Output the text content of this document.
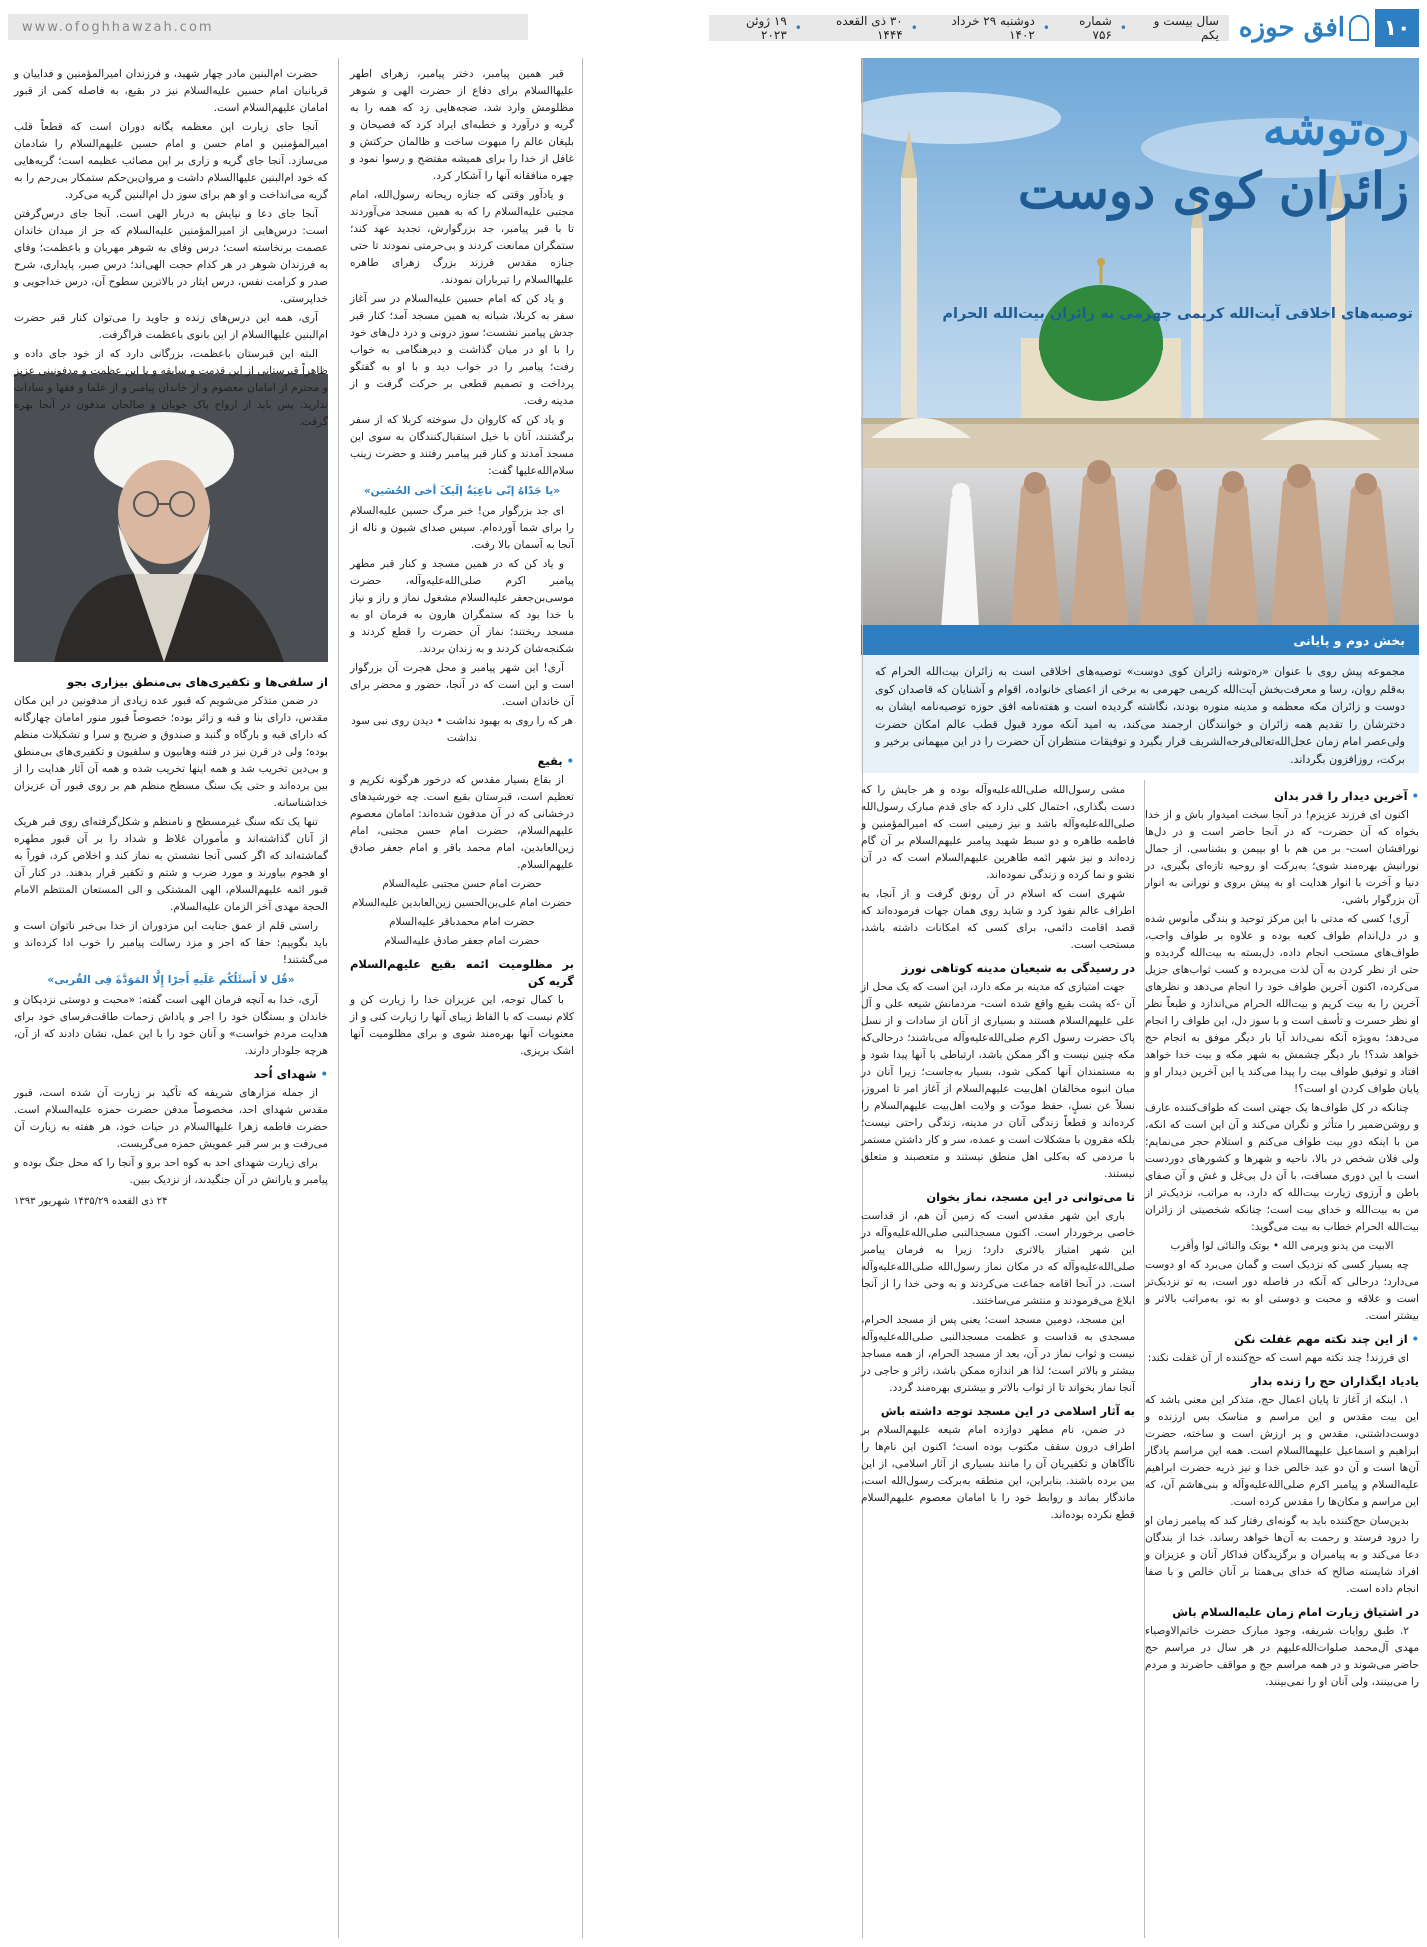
۱۰
افق حوزه
سال بیست و یکم
•
شماره ۷۵۶
•
دوشنبه ۲۹ خرداد ۱۴۰۲
•
۳۰ ذی القعده ۱۴۴۴
•
۱۹ ژوئن ۲۰۲۳
www.ofoghhawzah.com
ره‌توشه
زائران کوی دوست
توصیه‌های اخلاقی آیت‌الله کریمی جهرمی به زائران بیت‌الله الحرام
بخش دوم و پایانی
مجموعه پیش روی با عنوان «ره‌توشه زائران کوی دوست» توصیه‌های اخلاقی است به زائران بیت‌الله الحرام که به‌قلم روان، رسا و معرفت‌بخش آیت‌الله کریمی جهرمی به برخی از اعضای خانواده، اقوام و آشنایان که قاصدان کوی دوست و زائران مکه معظمه و مدینه منوره بودند، نگاشته گردیده است و هفته‌نامه افق حوزه توصیه‌نامه ایشان به دخترشان را تقدیم همه زائران و خوانندگان ارجمند می‌کند، به امید آنکه مورد قبول قطب عالم امکان حضرت ولی‌عصر امام زمان عجل‌الله‌تعالی‌فرجه‌الشریف قرار بگیرد و توفیقات منتظران آن حضرت را در این میهمانی برخیر و برکت، روزافزون بگرداند.
• آخرین دیدار را قدر بدان

اکنون ای فرزند عزیزم! در آنجا سخت امیدوار باش و از خدا بخواه که آن حضرت- که در آنجا حاضر است و در دل‌ها نورافشان است- بر من هم با او بپیمن و بشناسی. از جمال نورانیش بهره‌مند شوی؛ به‌برکت او روحیه تازه‌ای بگیری، در دنیا و آخرت با انوار هدایت او به پیش بروی و نورانی به انوار آن بزرگوار باشی.

آری! کسی که مدتی با این مرکز توحید و بندگی مأنوس شده و در دل‌اندام طواف کعبه بوده و علاوه بر طواف واجب، طواف‌های مستحب انجام داده، دل‌بسته به بیت‌الله گردیده و حتی از نظر کردن به آن لذت می‌برده و کسب ثواب‌های جزیل می‌کرده، اکنون آخرین طواف خود را انجام می‌دهد و نظرهای آخرین را به بیت کریم و بیت‌الله الحرام می‌اندازد و طبعاً نظر او نظر حسرت و تأسف است و با سوز دل، این طواف را انجام می‌دهد؛ به‌ویژه آنکه نمی‌داند آیا بار دیگر موفق به انجام حج خواهد شد؟! بار دیگر چشمش به شهر مکه و بیت خدا خواهد افتاد و توفیق طواف بیت را پیدا می‌کند یا این آخرین دیدار او و پایان طواف کردن او است؟!

چنانکه در کل طواف‌ها یک جهتی است که طواف‌کننده عارف و روشن‌ضمیر را متأثر و نگران می‌کند و آن این است که انکه، من با اینکه دورِ بیت طواف می‌کنم و استلام حجر می‌نمایم؛ ولی فلان شخص در بالا، ناحیه و شهرها و کشورهای دوردست است با این دوری مسافت، با آن دل بی‌غل و غش و آن صفای باطن و آرزوی زیارت بیت‌الله که دارد، به مراتب، نزدیک‌تر از من به بیت‌الله و خدای بیت است؛ چنانکه شخصیتی از زائران بیت‌الله الحرام خطاب به بیت می‌گوید:

الابیت من یدنو ویرمی الله • بوتک والنائی لوا وأقرب

چه بسیار کسی که نزدیک است و گمان می‌برد که او دوست می‌دارد؛ درحالی که آنکه در فاصله دور است، به تو نزدیک‌تر است و علاقه و محبت و دوستی او به تو، به‌مراتب بالاتر و بیشتر است.

• از این چند نکته مهم غفلت نکن

ای فرزند! چند نکته مهم است که حج‌کننده از آن غفلت نکند:

یادیاد ایگذاران حج را زنده بدار

۱. اینکه از آغاز تا پایان اعمال حج، متذکر این معنی باشد که این بیت مقدس و این مراسم و مناسک بس ارزنده و دوست‌داشتنی، مقدس و پر ارزش است و ساخته، حضرت ابراهیم و اسماعیل علیهماالسلام است. همه این مراسم یادگار آن‌ها است و آن دو عبد خالص خدا و نیز ذریه حضرت ابراهیم علیه‌السلام و پیامبر اکرم صلی‌الله‌علیه‌وآله و بنی‌هاشم آن، که این مراسم و مکان‌ها را مقدس کرده است.

بدین‌سان حج‌کننده باید به گونه‌ای رفتار کند که پیامبر زمان او را درود فرستد و رحمت به آن‌ها خواهد رساند. خدا از بندگان دعا می‌کند و به پیامبران و برگزیدگان فداکار آنان و عزیزان و افراد شایسته صالح که خدای بی‌همتا بر آنان خالص و با صفا انجام داده است.

در اشتیاق زیارت امام زمان علیه‌السلام باش

۲. طبق روایات شریفه، وجود مبارک حضرت خاتم‌الاوصیاء مهدی آل‌محمد صلوات‌الله‌علیهم در هر سال در مراسم حج حاضر می‌شوند و در همه مراسم حج و مواقف حاضرند و مردم را می‌بینند، ولی آنان او را نمی‌بینند.

مشی رسول‌الله صلی‌الله‌علیه‌وآله بوده و هر جایش را که دست بگذاری، احتمال کلی دارد که جای قدم مبارک رسول‌الله صلی‌الله‌علیه‌وآله باشد و نیز زمینی است که امیرالمؤمنین و فاطمه طاهره و دو سبط شهید پیامبر علیهم‌السلام بر آن گام زده‌اند و نیز شهر ائمه طاهرین علیهم‌السلام است که در آن نشو و نما کرده و زندگی نموده‌اند.

شهری است که اسلام در آن رونق گرفت و از آنجا، به اطراف عالم نفوذ کرد و شاید روی همان جهات فرموده‌اند که قصد اقامت دائمی، برای کسی که امکانات داشته باشد، مستحب است.

در رسیدگی به شیعیان مدینه کوتاهی نورز

جهت امتیازی که مدینه بر مکه دارد، این است که یک محل از آن -که پشت بقیع واقع شده است- مردمانش شیعه علی و آل علی علیهم‌السلام هستند و بسیاری از آنان از سادات و از نسل پاک حضرت رسول اکرم صلی‌الله‌علیه‌وآله می‌باشند؛ درحالی‌که مکه چنین نیست و اگر ممکن باشد، ارتباطی با آنها پیدا شود و به مستمندان آنها کمکی شود، بسیار به‌جاست؛ زیرا آنان در میان انبوه مخالفان اهل‌بیت علیهم‌السلام از آغاز امر تا امروز، نسلاً عن نسلٍ، حفظ مودّت و ولایت اهل‌بیت علیهم‌السلام را کرده‌اند و قطعاً زندگی آنان در مدینه، زندگی راحتی نیست؛ بلکه مقرون با مشکلات است و عمده، سر و کار داشتن مستمر با مردمی که به‌کلی اهل منطق نیستند و متعصبند و متعلق نیستند.

تا می‌توانی در این مسجد، نماز بخوان

باری این شهر مقدس است که زمین آن هم، از قداست خاصی برخوردار است. اکنون مسجدالنبی صلی‌الله‌علیه‌وآله در این شهر امتیاز بالاتری دارد؛ زیرا به فرمان پیامبر صلی‌الله‌علیه‌وآله که در مکان نماز رسول‌الله صلی‌الله‌علیه‌وآله است. در آنجا اقامه جماعت می‌کردند و به وحی خدا را از آنجا ابلاغ می‌فرمودند و منتشر می‌ساختند.

این مسجد، دومین مسجد است؛ یعنی پس از مسجد الحرام، مسجدی به قداست و عظمت مسجدالنبی صلی‌الله‌علیه‌وآله نیست و ثواب نماز در آن، بعد از مسجد الحرام، از همه مساجد بیشتر و بالاتر است؛ لذا هر اندازه ممکن باشد، زائر و حاجی در آنجا نماز بخواند تا از ثواب بالاتر و بیشتری بهره‌مند گردد.

به آثار اسلامی در این مسجد توجه داشته باش

در ضمن، نام مطهر دوازده امام شیعه علیهم‌السلام بر اطراف درون سقف مکتوب بوده است؛ اکنون این نام‌ها را ناآگاهان و تکفیریان آن را مانند بسیاری از آثار اسلامی، از این بین برده باشند. بنابراین، این منطقه به‌برکت رسول‌الله است، ماندگار بماند و روابط خود را با امامان معصوم علیهم‌السلام قطع نکرده بوده‌اند.

قبر همین پیامبر، دختر پیامبر، زهرای اطهر علیهاالسلام برای دفاع از حضرت الهی و شوهر مظلومش وارد شد، ضجه‌هایی زد که همه را به گریه و درآورد و خطبه‌ای ایراد کرد که فصیحان و بلیغان عالم را مبهوت ساخت و ظالمان حرکتش و غافل از خدا را برای همیشه مفتضح و رسوا نمود و چهره منافقانه آنها را آشکار کرد.

و یادآور وقتی که جنازه ریحانه رسول‌الله، امام مجتبی علیه‌السلام را که به همین مسجد می‌آوردند تا با قبر پیامبر، جد بزرگوارش، تجدید عهد کند؛ ستمگران ممانعت کردند و بی‌حرمتی نمودند تا حتی جنازه مقدس فرزند بزرگ زهرای طاهره علیهاالسلام را تیرباران نمودند.

و یاد کن که امام حسین علیه‌السلام در سر آغاز سفر به کربلا، شبانه به همین مسجد آمد؛ کنار قبر جدش پیامبر نشست؛ سوز درونی و درد دل‌های خود را با او در میان گذاشت و دیرهنگامی به خواب رفت؛ پیامبر را در خواب دید و با او به گفتگو پرداخت و تصمیم قطعی بر حرکت گرفت و از مدینه رفت.

و یاد کن که کاروان دل سوخته کربلا که از سفر برگشتند، آنان با خیل استقبال‌کنندگان به سوی این مسجد آمدند و کنار قبر پیامبر رفتند و حضرت زینب سلام‌الله‌علیها گفت:

«یا جَدّاهُ إنّی ناعِیَةٌ إلَیکَ أخی الحُسَین»

ای جد بزرگوار من! خبر مرگ حسین علیه‌السلام را برای شما آورده‌ام. سپس صدای شیون و ناله از آنجا به آسمان بالا رفت.

و یاد کن که در همین مسجد و کنار قبر مطهر پیامبر اکرم صلی‌الله‌علیه‌وآله، حضرت موسی‌بن‌جعفر علیه‌السلام مشغول نماز و راز و نیاز با خدا بود که ستمگران هارون به فرمان او به مسجد ریختند؛ نماز آن حضرت را قطع کردند و شکنجه‌شان کردند و به زندان بردند.

آری! این شهر پیامبر و محل هجرت آن بزرگوار است و این است که در آنجا، حضور و محضر برای آن خاندان است.

هر که را روی به بهبود نداشت • دیدن روی نبی سود نداشت

• بقیع

از بقاع بسیار مقدس که درخور هرگونه تکریم و تعظیم است، قبرستان بقیع است. چه خورشیدهای درخشانی که در آن مدفون شده‌اند: امامان معصوم علیهم‌السلام، حضرت امام حسن مجتبی، امام زین‌العابدین، امام محمد باقر و امام جعفر صادق علیهم‌السلام.

حضرت امام حسن مجتبی علیه‌السلام

حضرت امام علی‌بن‌الحسین زین‌العابدین علیه‌السلام

حضرت امام محمدباقر علیه‌السلام

حضرت امام جعفر صادق علیه‌السلام

بر مظلومیت ائمه بقیع علیهم‌السلام گریه کن

با کمال توجه، این عزیزان خدا را زیارت کن و کلام نیست که با الفاظ زیبای آنها را زیارت کنی و از معنویات آنها بهره‌مند شوی و برای مظلومیت آنها اشک بریزی.

حضرت ام‌البنین مادر چهار شهید، و فرزندان امیرالمؤمنین و فداییان و قربانیان امام حسین علیه‌السلام نیز در بقیع، به فاصله کمی از قبور امامان علیهم‌السلام است.

آنجا جای زیارت این معظمه یگانه دوران است که قطعاً قلب امیرالمؤمنین و امام حسن و امام حسین علیهم‌السلام را شادمان می‌سازد. آنجا جای گریه و زاری بر این مصائب عظیمه است؛ گریه‌هایی که خود ام‌البنین علیهاالسلام داشت و مروان‌بن‌حکم ستمکار بی‌رحم را به گریه می‌انداخت و او هم برای سوز دل ام‌البنین گریه می‌کرد.

آنجا جای دعا و نیایش به دربار الهی است. آنجا جای درس‌گرفتن است: درس‌هایی از امیرالمؤمنین علیه‌السلام که جز از میدان خاندان عصمت برنخاسته است؛ درس وفای به شوهر مهربان و باعظمت؛ وفای به فرزندان شوهر در هر کدام حجت الهی‌اند؛ درس صبر، پایداری، شرح صدر و کرامت نفس، درس ایثار در بالاترین سطوح آن، درس خداجویی و خداپرستی.

آری، همه این درس‌های زنده و جاوید را می‌توان کنار قبر حضرت ام‌البنین علیهاالسلام از این بانوی باعظمت فراگرفت.

البته این قبرستان باعظمت، بزرگانی دارد که از خود جای داده و ظاهراً قبرستانی از این قدمت و سابقه و با این عظمت و مدفونینی عزیز و محترم از امامان معصوم و از خاندان پیامبر و از علما و فقها و سادات ندارید. پس باید از ارواح پاک خوبان و صالحان مدفون در آنجا بهره گرفت.

از سلفی‌ها و تکفیری‌های بی‌منطق بیزاری بجو

در ضمن متذکر می‌شویم که قبور عده زیادی از مدفونین در این مکان مقدس، دارای بنا و قبه و زائر بوده؛ خصوصاً قبور منور امامان چهارگانه که دارای قبه و بارگاه و گنبد و صندوق و ضریح و سرا و تشکیلات منظم بوده؛ ولی در قرن نیز در فتنه وهابیون و سلفیون و تکفیری‌های بی‌منطق و بی‌دین تخریب شد و همه اینها تخریب شده و همه آن آثار هدایت را از بین برده‌اند و حتی یک سنگ مسطح منظم هم بر روی قبور آن عزیزان خداشناسانه.

تنها یک تکه سنگ غیرمسطح و نامنظم و شکل‌گرفته‌ای روی قبر هریک از آنان گذاشته‌اند و مأموران غلاظ و شداد را بر آن قبور مطهره گماشته‌اند که اگر کسی آنجا نشستن به نماز کند و اخلاص کرد، فوراً به او هجوم بیاورند و مورد ضرب و شتم و تکفیر قرار بدهند. در کنار آن قبور ائمه علیهم‌السلام، الهی المشتکی و الی المستعان المنتظم الامام الحجة مهدی آخر الزمان علیه‌السلام.

راستی قلم از عمق جنایت این مزدوران از خدا بی‌خبر ناتوان است و باید بگوییم: حقا که اجر و مزد رسالت پیامبر را خوب ادا کرده‌اند و می‌گشتند!

«قُل لا أَسئَلُکُم عَلَیهِ أَجرًا إِلَّا المَوَدَّةَ فِی القُربی»

آری، خدا به آنچه فرمان الهی است گفته: «محبت و دوستی نزدیکان و خاندان و بستگان خود را اجر و پاداش زحمات طاقت‌فرسای خود برای هدایت مردم خواست» و آنان خود را با این عمل، نشان دادند که از آن، هرچه جلودار دارند.

• شهدای اُحد

از جمله مزارهای شریفه که تأکید بر زیارت آن شده است، قبور مقدس شهدای احد، مخصوصاً مدفن حضرت حمزه علیه‌السلام است. حضرت فاطمه زهرا علیهاالسلام در حیات خود، هر هفته به زیارت آن می‌رفت و بر سر قبر عمویش حمزه می‌گریست.

برای زیارت شهدای احد به کوه احد برو و آنجا را که محل جنگ بوده و پیامبر و یارانش در آن جنگیدند، از نزدیک ببین.

۲۴ ذی القعده ۱۴۳۵/۲۹ شهریور ۱۳۹۳
